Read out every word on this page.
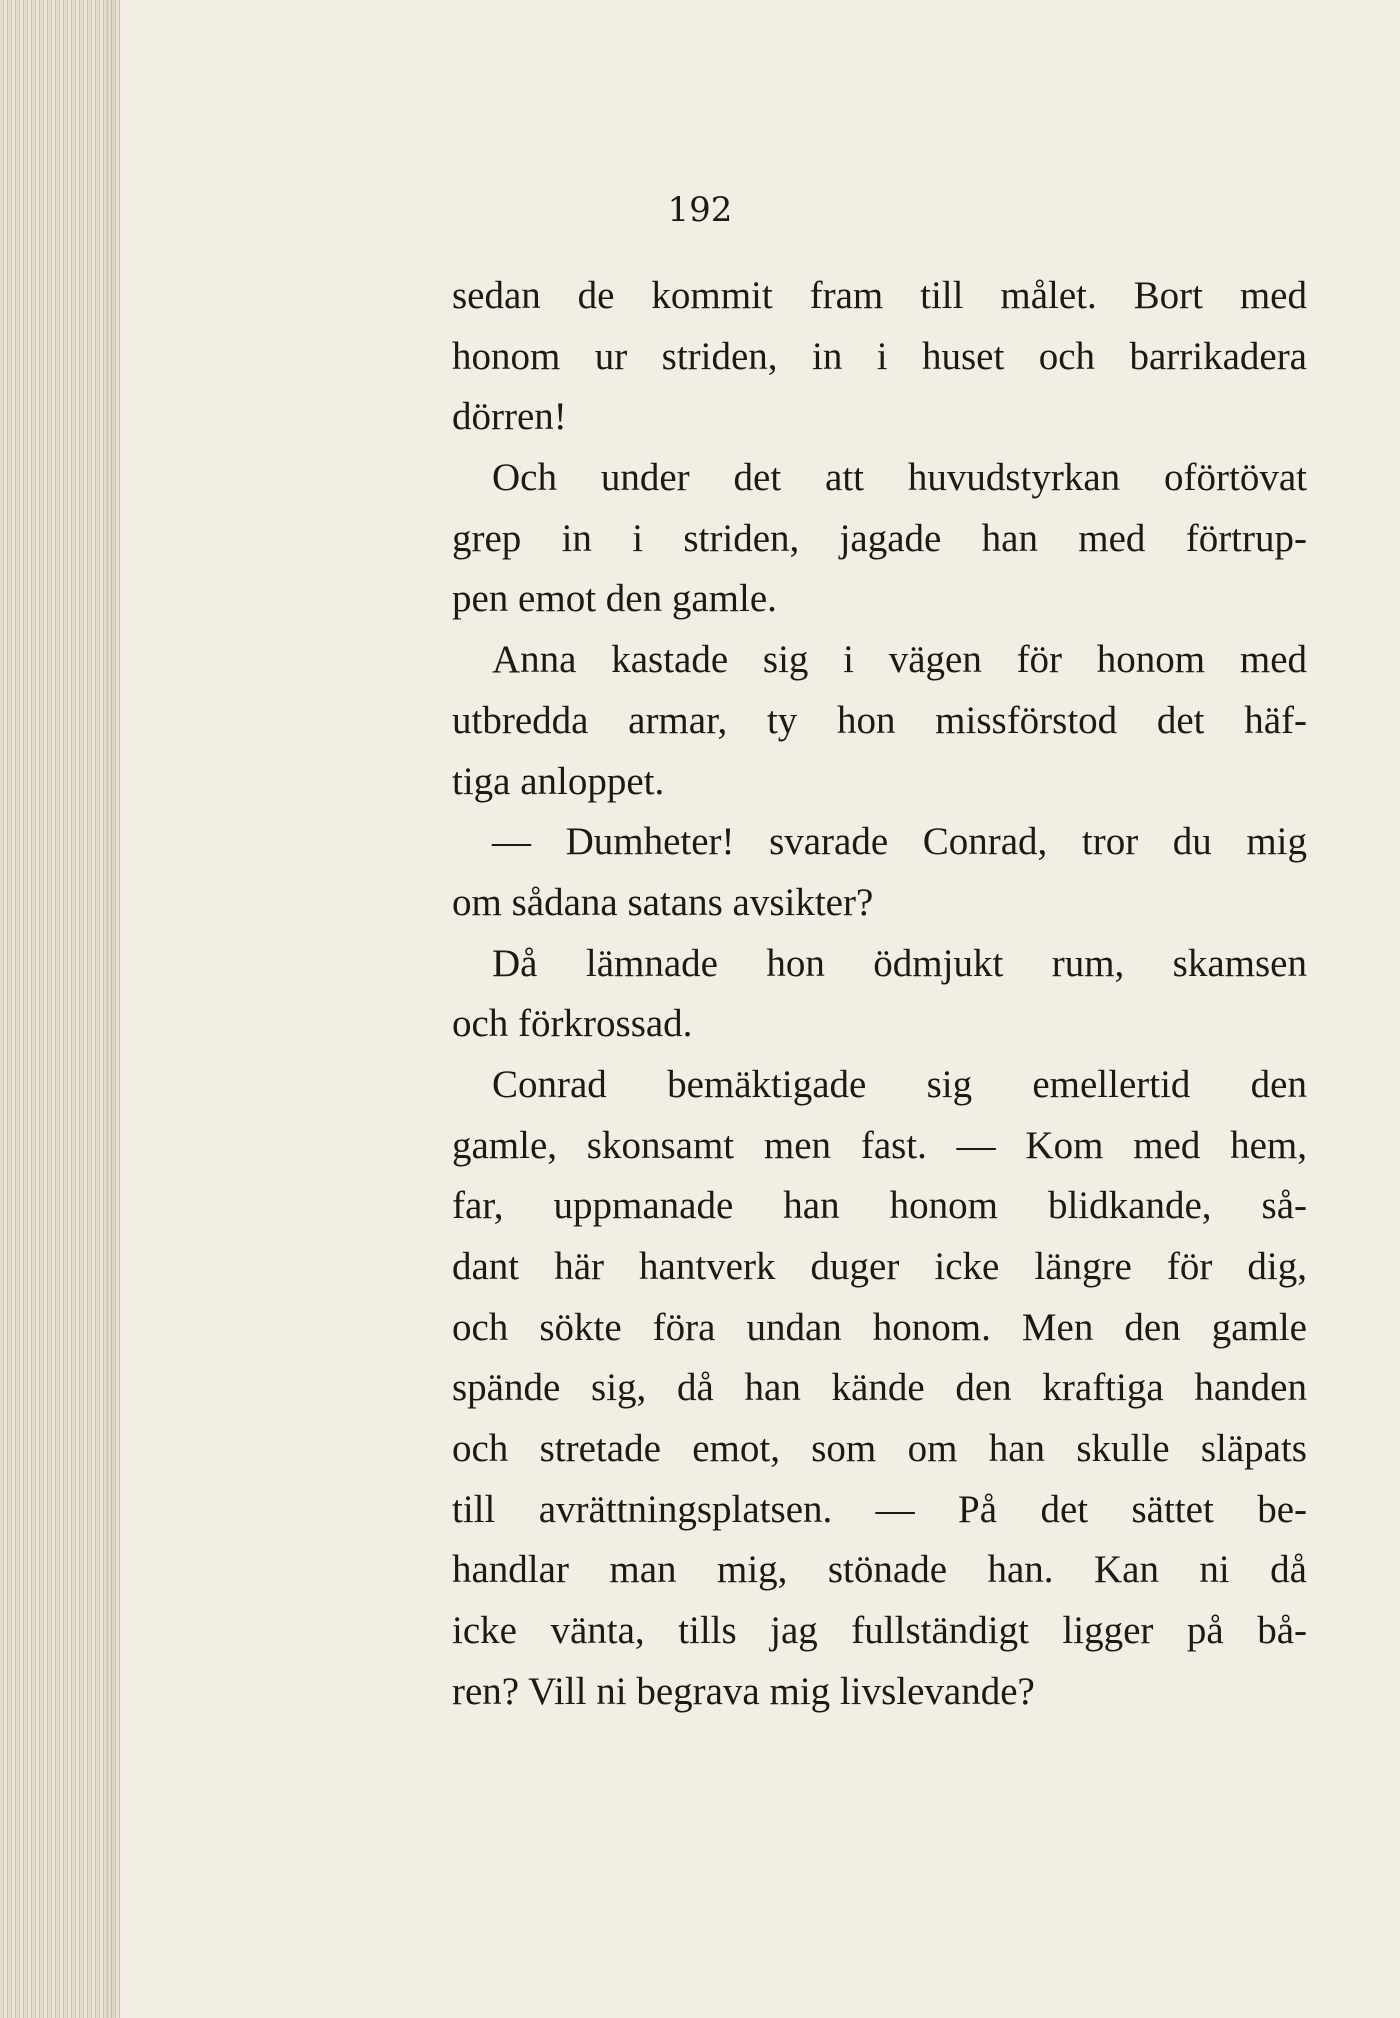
192
sedan de kommit fram till målet. Bort med
honom ur striden, in i huset och barrikadera
dörren!
Och under det att huvudstyrkan oförtövat
grep in i striden, jagade han med förtrup-
pen emot den gamle.
Anna kastade sig i vägen för honom med
utbredda armar, ty hon missförstod det häf-
tiga anloppet.
— Dumheter! svarade Conrad, tror du mig
om sådana satans avsikter?
Då lämnade hon ödmjukt rum, skamsen
och förkrossad.
Conrad bemäktigade sig emellertid den
gamle, skonsamt men fast. — Kom med hem,
far, uppmanade han honom blidkande, så-
dant här hantverk duger icke längre för dig,
och sökte föra undan honom. Men den gamle
spände sig, då han kände den kraftiga handen
och stretade emot, som om han skulle släpats
till avrättningsplatsen. — På det sättet be-
handlar man mig, stönade han. Kan ni då
icke vänta, tills jag fullständigt ligger på bå-
ren? Vill ni begrava mig livslevande?
